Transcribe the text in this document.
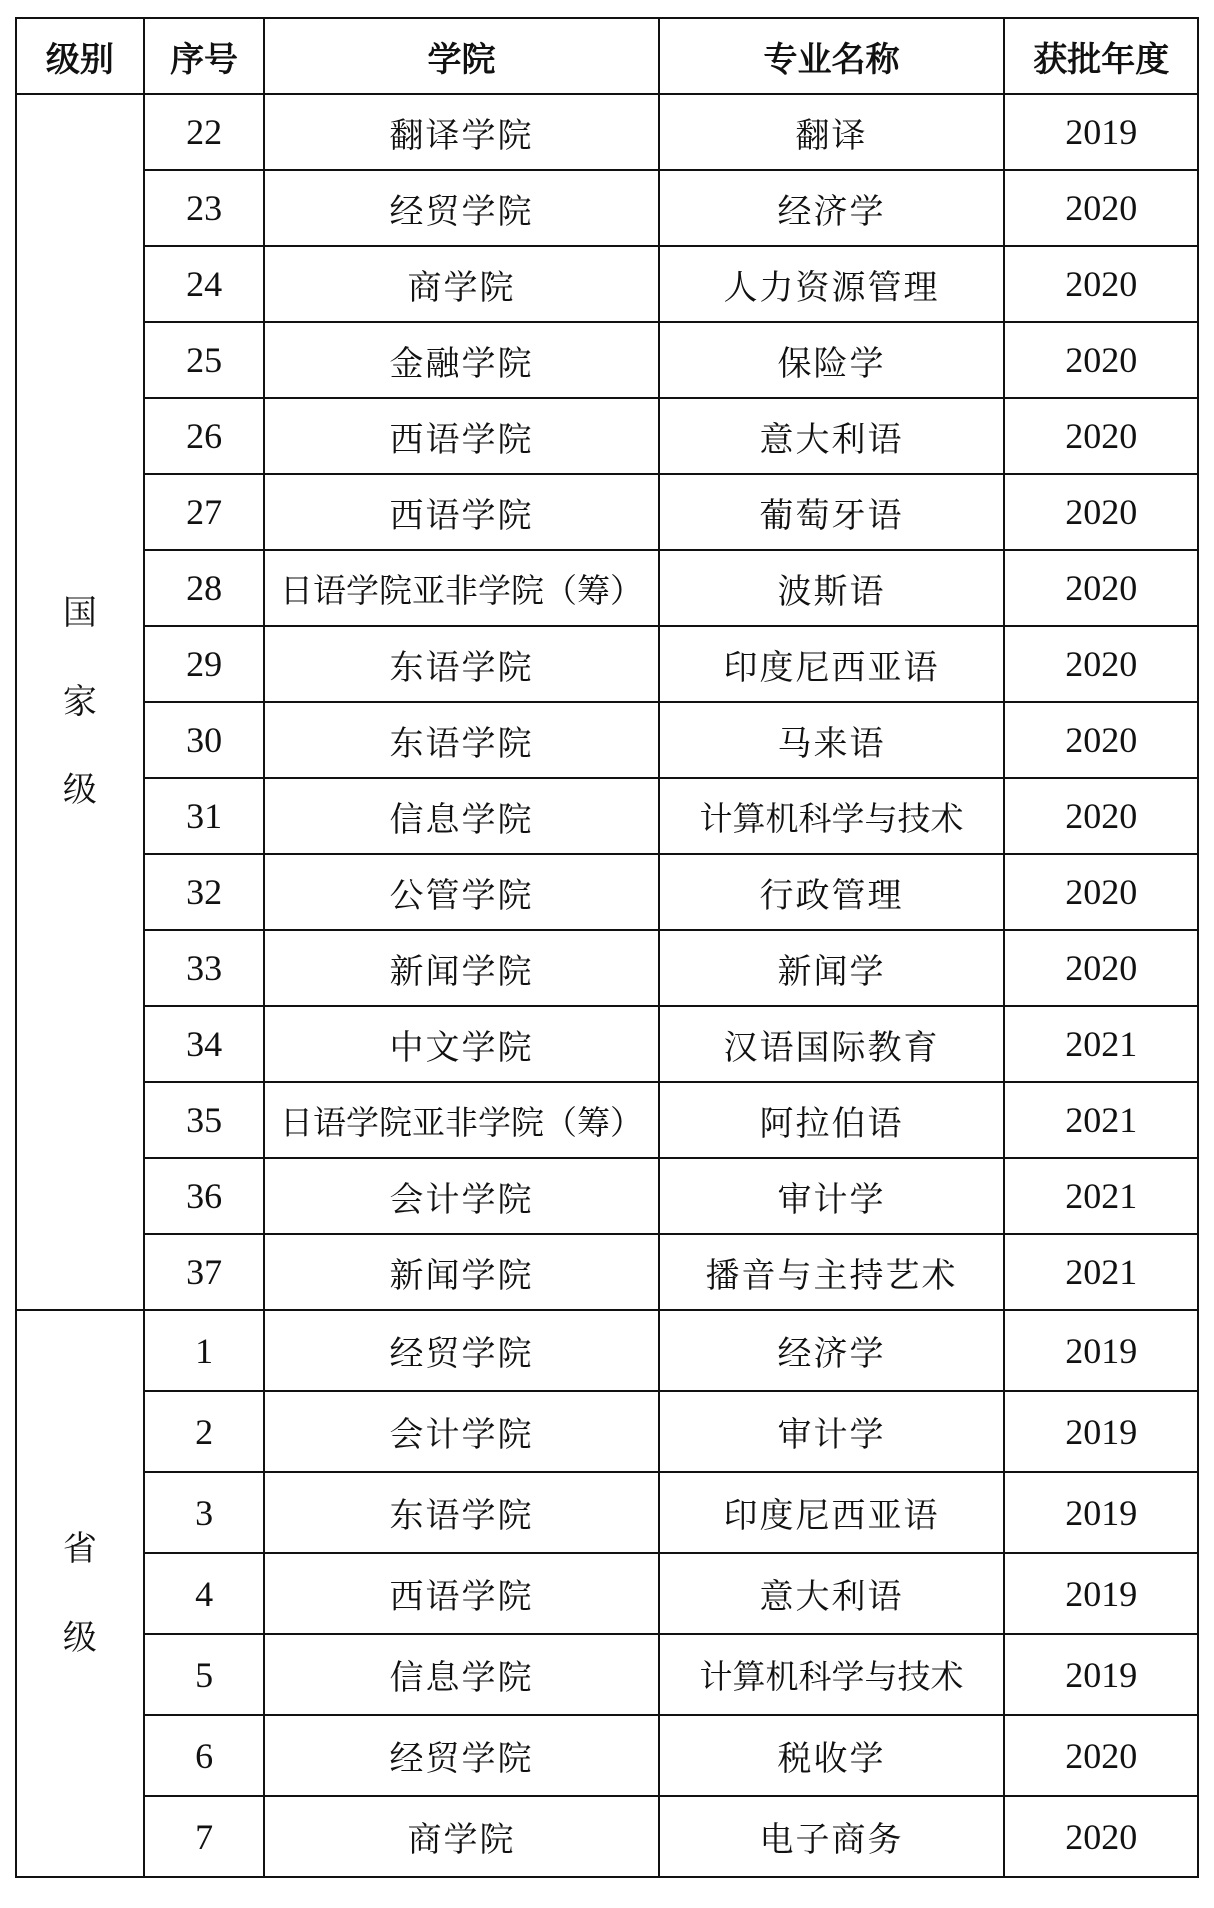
级别	序号	学院	专业名称	获批年度
国家级	22	翻译学院	翻译	2019
	23	经贸学院	经济学	2020
	24	商学院	人力资源管理	2020
	25	金融学院	保险学	2020
	26	西语学院	意大利语	2020
	27	西语学院	葡萄牙语	2020
	28	日语学院亚非学院（筹）	波斯语	2020
	29	东语学院	印度尼西亚语	2020
	30	东语学院	马来语	2020
	31	信息学院	计算机科学与技术	2020
	32	公管学院	行政管理	2020
	33	新闻学院	新闻学	2020
	34	中文学院	汉语国际教育	2021
	35	日语学院亚非学院（筹）	阿拉伯语	2021
	36	会计学院	审计学	2021
	37	新闻学院	播音与主持艺术	2021
省级	1	经贸学院	经济学	2019
	2	会计学院	审计学	2019
	3	东语学院	印度尼西亚语	2019
	4	西语学院	意大利语	2019
	5	信息学院	计算机科学与技术	2019
	6	经贸学院	税收学	2020
	7	商学院	电子商务	2020
